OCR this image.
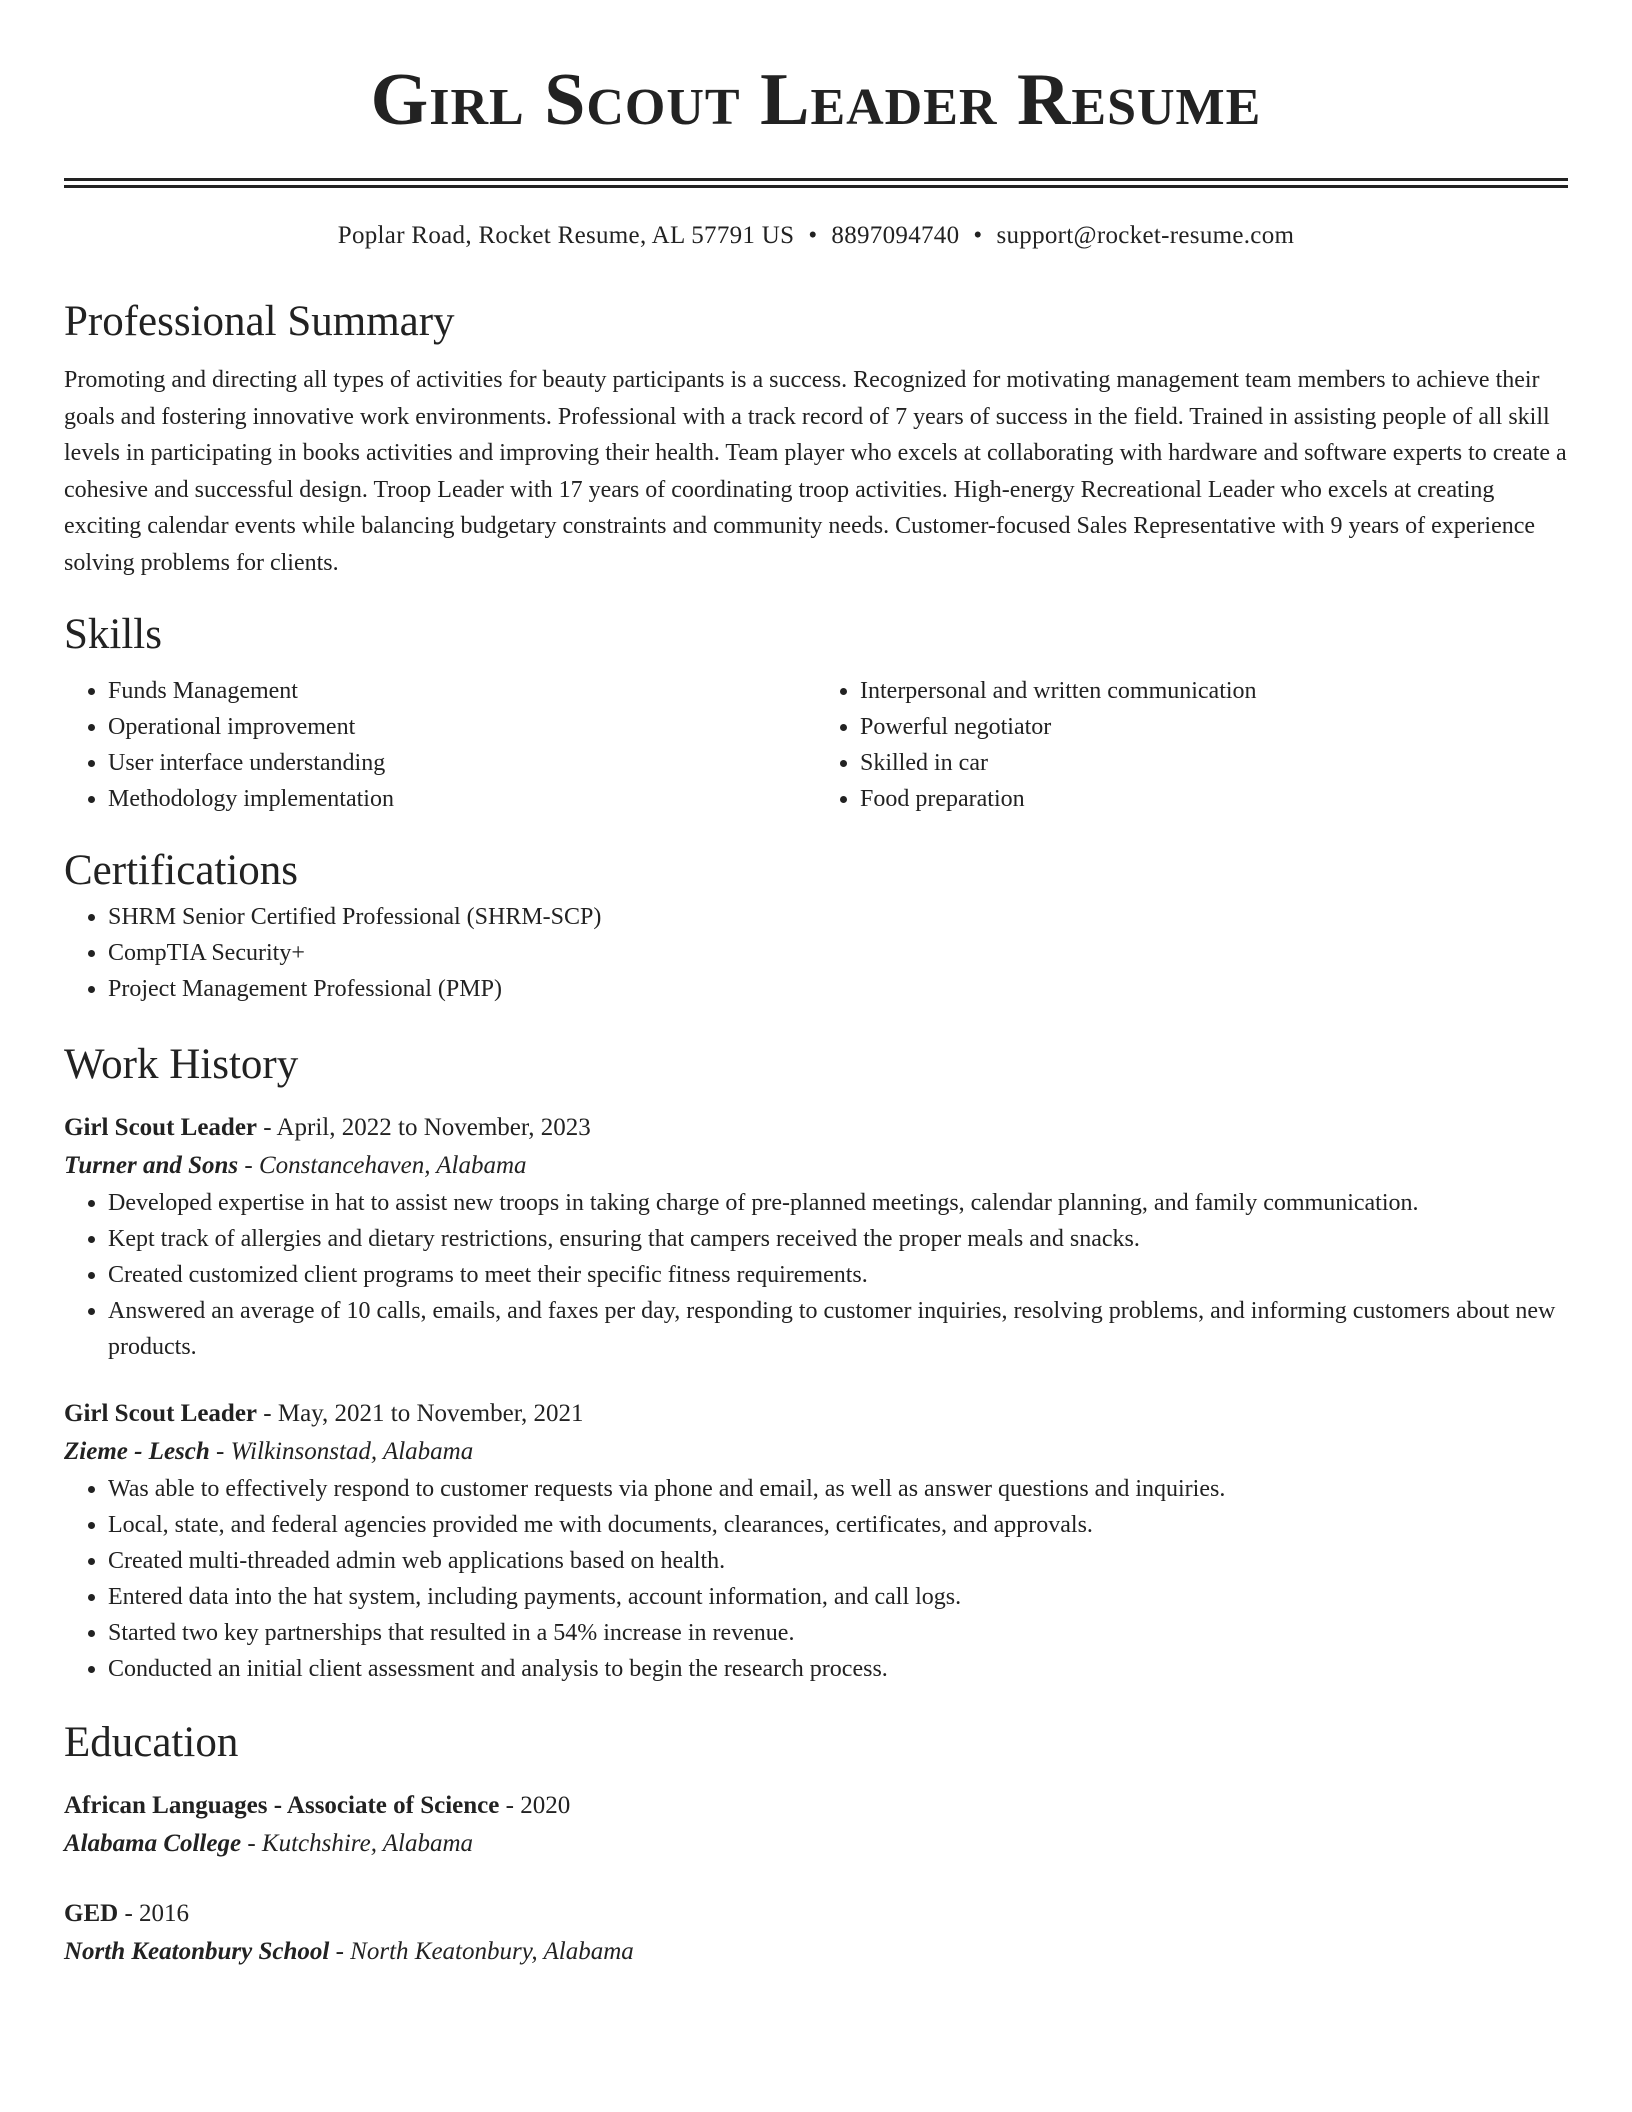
Girl Scout Leader Resume
Poplar Road, Rocket Resume, AL 57791 US • 8897094740 • support@rocket-resume.com
Professional Summary

Promoting and directing all types of activities for beauty participants is a success. Recognized for motivating management team members to achieve their goals and fostering innovative work environments. Professional with a track record of 7 years of success in the field. Trained in assisting people of all skill levels in participating in books activities and improving their health. Team player who excels at collaborating with hardware and software experts to create a cohesive and successful design. Troop Leader with 17 years of coordinating troop activities. High-energy Recreational Leader who excels at creating exciting calendar events while balancing budgetary constraints and community needs. Customer-focused Sales Representative with 9 years of experience solving problems for clients.

Skills
• Funds Management
• Operational improvement
• User interface understanding
• Methodology implementation
• Interpersonal and written communication
• Powerful negotiator
• Skilled in car
• Food preparation
Certifications
• SHRM Senior Certified Professional (SHRM-SCP)
• CompTIA Security+
• Project Management Professional (PMP)
Work History
Girl Scout Leader - April, 2022 to November, 2023
Turner and Sons - Constancehaven, Alabama
• Developed expertise in hat to assist new troops in taking charge of pre-planned meetings, calendar planning, and family communication.
• Kept track of allergies and dietary restrictions, ensuring that campers received the proper meals and snacks.
• Created customized client programs to meet their specific fitness requirements.
• Answered an average of 10 calls, emails, and faxes per day, responding to customer inquiries, resolving problems, and informing customers about new products.
Girl Scout Leader - May, 2021 to November, 2021
Zieme - Lesch - Wilkinsonstad, Alabama
• Was able to effectively respond to customer requests via phone and email, as well as answer questions and inquiries.
• Local, state, and federal agencies provided me with documents, clearances, certificates, and approvals.
• Created multi-threaded admin web applications based on health.
• Entered data into the hat system, including payments, account information, and call logs.
• Started two key partnerships that resulted in a 54% increase in revenue.
• Conducted an initial client assessment and analysis to begin the research process.
Education
African Languages - Associate of Science - 2020
Alabama College - Kutchshire, Alabama
GED - 2016
North Keatonbury School - North Keatonbury, Alabama
